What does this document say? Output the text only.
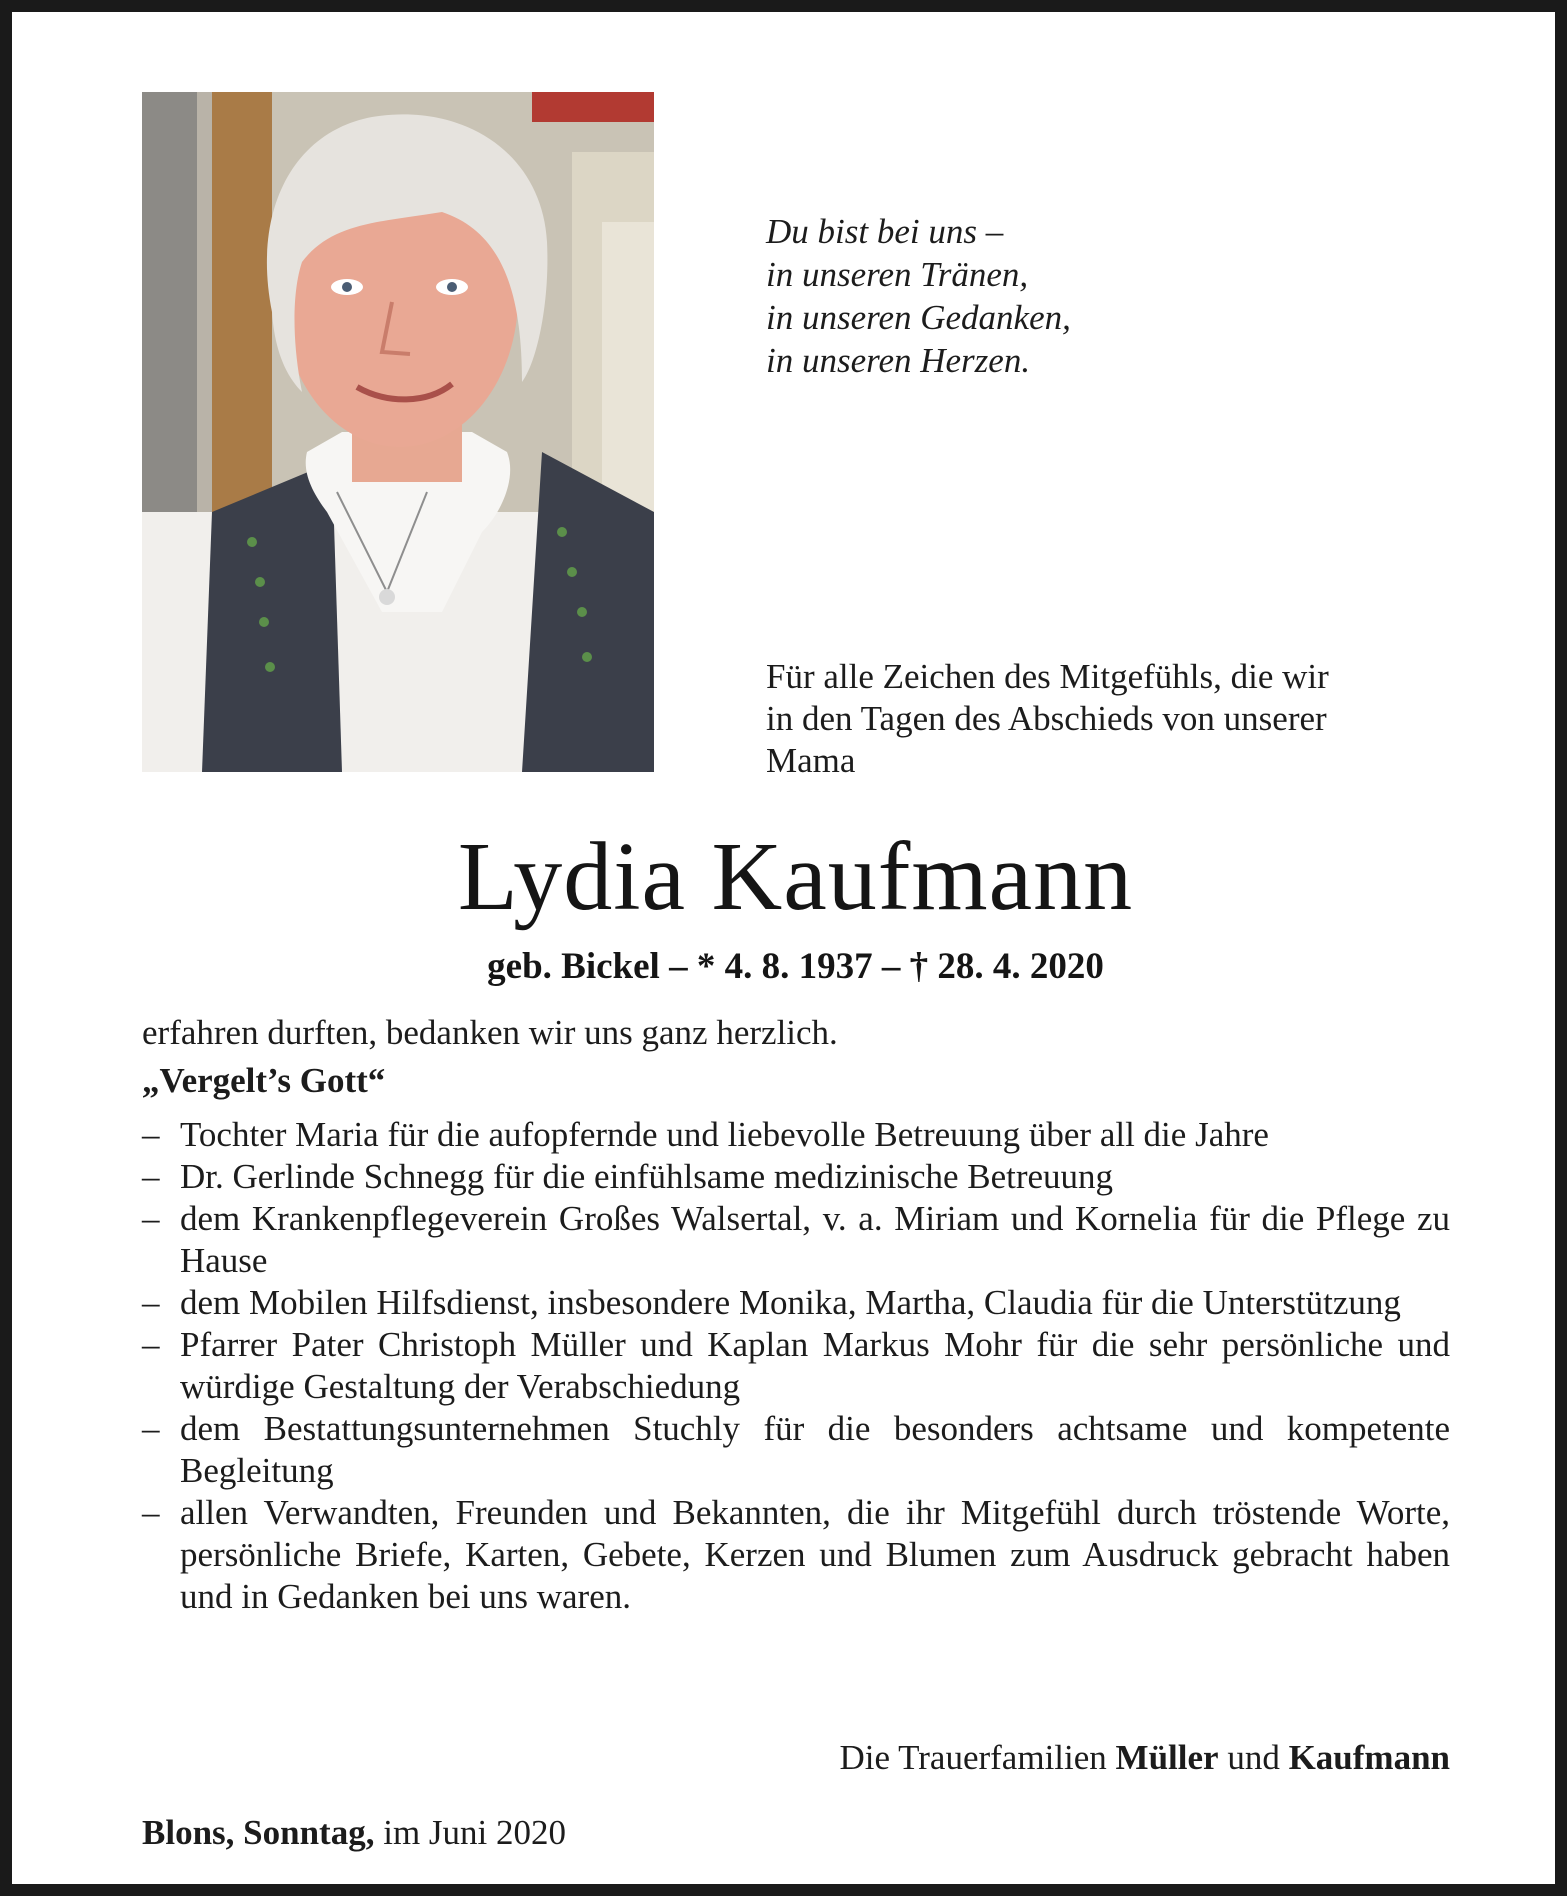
Du bist bei uns –
in unseren Tränen,
in unseren Gedanken,
in unseren Herzen.
Für alle Zeichen des Mitgefühls, die wir
in den Tagen des Abschieds von unserer
Mama
Lydia Kaufmann
geb. Bickel – * 4. 8. 1937 – † 28. 4. 2020
erfahren durften, bedanken wir uns ganz herzlich.
„Vergelt’s Gott“
– Tochter Maria für die aufopfernde und liebevolle Betreuung über all die Jahre
– Dr. Gerlinde Schnegg für die einfühlsame medizinische Betreuung
– dem Krankenpflegeverein Großes Walsertal, v. a. Miriam und Kornelia für die Pflege zu Hause
– dem Mobilen Hilfsdienst, insbesondere Monika, Martha, Claudia für die Unterstützung
– Pfarrer Pater Christoph Müller und Kaplan Markus Mohr für die sehr persönliche und würdige Gestaltung der Verabschiedung
– dem Bestattungsunternehmen Stuchly für die besonders achtsame und kompetente Begleitung
– allen Verwandten, Freunden und Bekannten, die ihr Mitgefühl durch tröstende Worte, persönliche Briefe, Karten, Gebete, Kerzen und Blumen zum Ausdruck gebracht haben und in Gedanken bei uns waren.
Die Trauerfamilien Müller und Kaufmann
Blons, Sonntag, im Juni 2020
